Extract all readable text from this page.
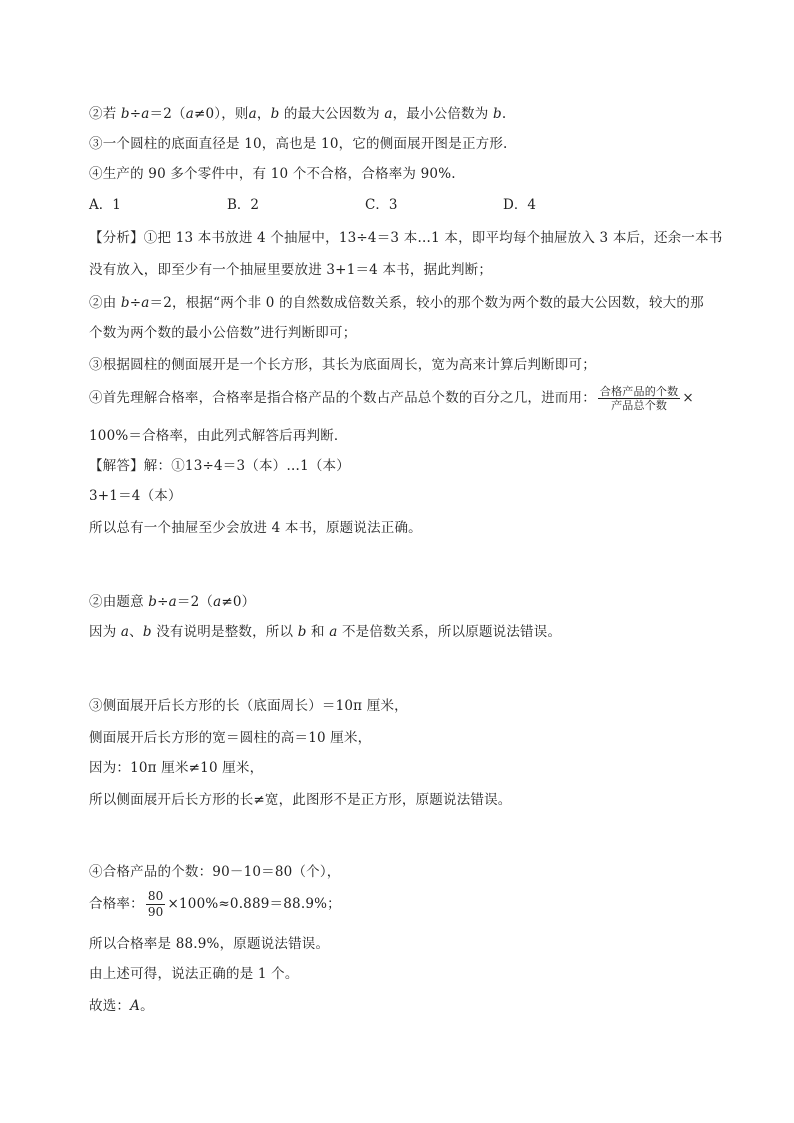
②若 b÷a＝2（a≠0），则a，b 的最大公因数为 a，最小公倍数为 b.
③一个圆柱的底面直径是 10，高也是 10，它的侧面展开图是正方形.
④生产的 90 多个零件中，有 10 个不合格，合格率为 90%.
A．1	B．2	C．3	D．4
【分析】①把 13 本书放进 4 个抽屉中，13÷4＝3 本…1 本，即平均每个抽屉放入 3 本后，还余一本书
没有放入，即至少有一个抽屉里要放进 3+1＝4 本书，据此判断；
②由 b÷a＝2，根据“两个非 0 的自然数成倍数关系，较小的那个数为两个数的最大公因数，较大的那
个数为两个数的最小公倍数”进行判断即可；
③根据圆柱的侧面展开是一个长方形，其长为底面周长，宽为高来计算后判断即可；
④首先理解合格率，合格率是指合格产品的个数占产品总个数的百分之几，进而用： $\frac{\text{合格产品的个数}}{\text{产品总个数}}$ ×
100%＝合格率，由此列式解答后再判断．
【解答】解：①13÷4＝3（本）…1（本）
3+1＝4（本）
所以总有一个抽屉至少会放进 4 本书，原题说法正确。
②由题意 b÷a＝2（a≠0）
因为 a、b 没有说明是整数，所以 b 和 a 不是倍数关系，所以原题说法错误。
③侧面展开后长方形的长（底面周长）＝10π 厘米，
侧面展开后长方形的宽＝圆柱的高＝10 厘米，
因为：10π 厘米≠10 厘米，
所以侧面展开后长方形的长≠宽，此图形不是正方形，原题说法错误。
④合格产品的个数：90－10＝80（个），
合格率： $\frac{80}{90} \times 100\%\approx 0.889=88.9\%$；
所以合格率是 88.9%，原题说法错误。
由上述可得，说法正确的是 1 个。
故选：A。
